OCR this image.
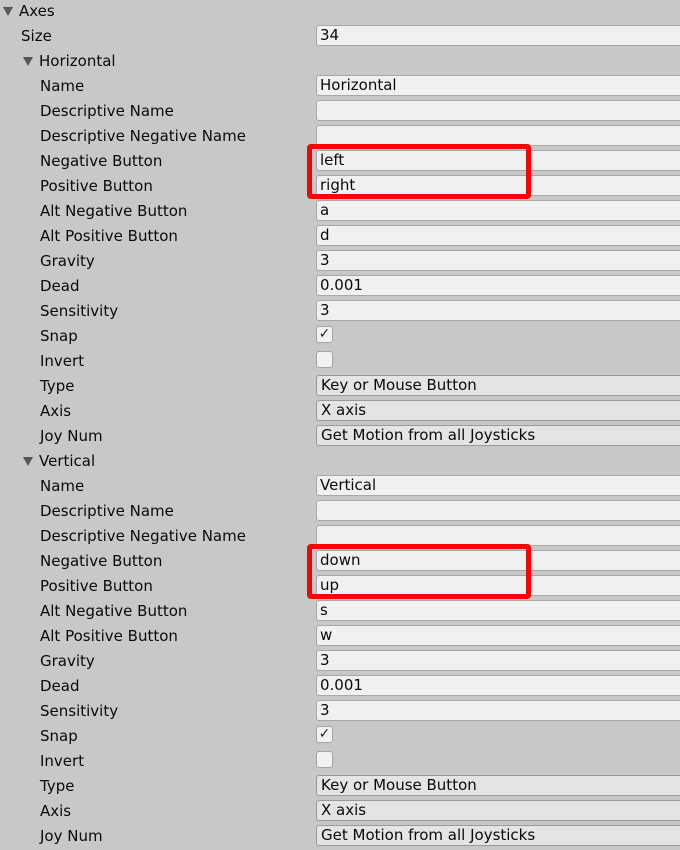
Axes
Size	34
Horizontal
Name	Horizontal
Descriptive Name
Descriptive Negative Name
Negative Button	left
Positive Button	right
Alt Negative Button	a
Alt Positive Button	d
Gravity	3
Dead	0.001
Sensitivity	3
Snap	✓
Invert
Type	Key or Mouse Button
Axis	X axis
Joy Num	Get Motion from all Joysticks
Vertical
Name	Vertical
Descriptive Name
Descriptive Negative Name
Negative Button	down
Positive Button	up
Alt Negative Button	s
Alt Positive Button	w
Gravity	3
Dead	0.001
Sensitivity	3
Snap	✓
Invert
Type	Key or Mouse Button
Axis	X axis
Joy Num	Get Motion from all Joysticks
